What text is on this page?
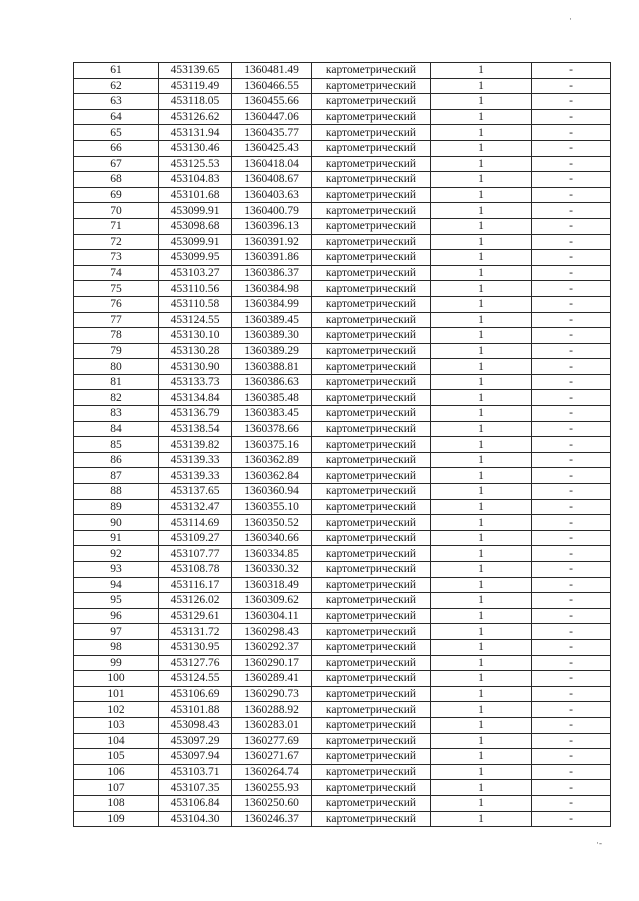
61	453139.65	1360481.49	картометрический	1	-
62	453119.49	1360466.55	картометрический	1	-
63	453118.05	1360455.66	картометрический	1	-
64	453126.62	1360447.06	картометрический	1	-
65	453131.94	1360435.77	картометрический	1	-
66	453130.46	1360425.43	картометрический	1	-
67	453125.53	1360418.04	картометрический	1	-
68	453104.83	1360408.67	картометрический	1	-
69	453101.68	1360403.63	картометрический	1	-
70	453099.91	1360400.79	картометрический	1	-
71	453098.68	1360396.13	картометрический	1	-
72	453099.91	1360391.92	картометрический	1	-
73	453099.95	1360391.86	картометрический	1	-
74	453103.27	1360386.37	картометрический	1	-
75	453110.56	1360384.98	картометрический	1	-
76	453110.58	1360384.99	картометрический	1	-
77	453124.55	1360389.45	картометрический	1	-
78	453130.10	1360389.30	картометрический	1	-
79	453130.28	1360389.29	картометрический	1	-
80	453130.90	1360388.81	картометрический	1	-
81	453133.73	1360386.63	картометрический	1	-
82	453134.84	1360385.48	картометрический	1	-
83	453136.79	1360383.45	картометрический	1	-
84	453138.54	1360378.66	картометрический	1	-
85	453139.82	1360375.16	картометрический	1	-
86	453139.33	1360362.89	картометрический	1	-
87	453139.33	1360362.84	картометрический	1	-
88	453137.65	1360360.94	картометрический	1	-
89	453132.47	1360355.10	картометрический	1	-
90	453114.69	1360350.52	картометрический	1	-
91	453109.27	1360340.66	картометрический	1	-
92	453107.77	1360334.85	картометрический	1	-
93	453108.78	1360330.32	картометрический	1	-
94	453116.17	1360318.49	картометрический	1	-
95	453126.02	1360309.62	картометрический	1	-
96	453129.61	1360304.11	картометрический	1	-
97	453131.72	1360298.43	картометрический	1	-
98	453130.95	1360292.37	картометрический	1	-
99	453127.76	1360290.17	картометрический	1	-
100	453124.55	1360289.41	картометрический	1	-
101	453106.69	1360290.73	картометрический	1	-
102	453101.88	1360288.92	картометрический	1	-
103	453098.43	1360283.01	картометрический	1	-
104	453097.29	1360277.69	картометрический	1	-
105	453097.94	1360271.67	картометрический	1	-
106	453103.71	1360264.74	картометрический	1	-
107	453107.35	1360255.93	картометрический	1	-
108	453106.84	1360250.60	картометрический	1	-
109	453104.30	1360246.37	картометрический	1	-
·
·-
